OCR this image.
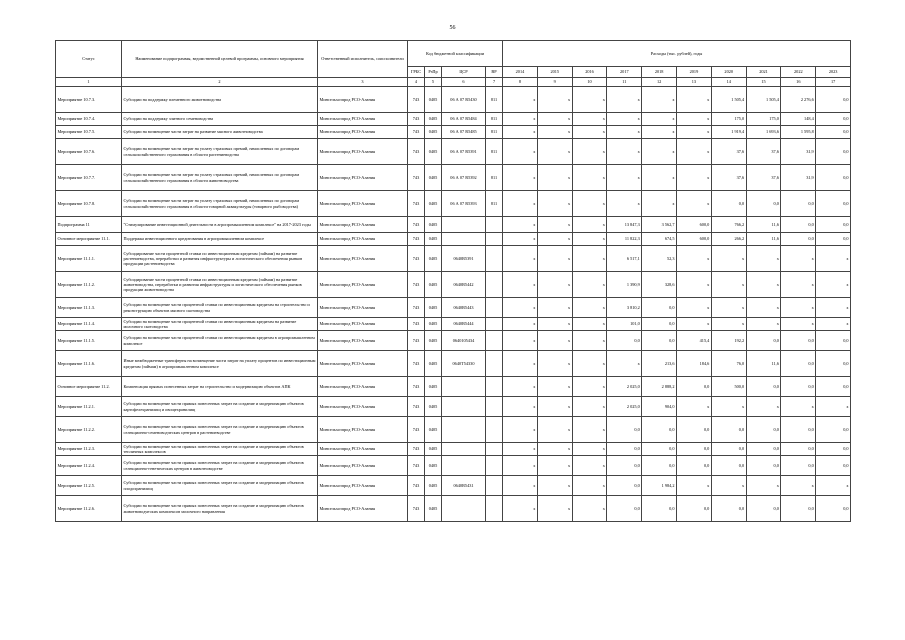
56
Статус	Наименование подпрограммы, ведомственной целевой программы, основного мероприятия	Ответственный исполнитель, соисполнители	Код бюджетной классификации				Расходы (тыс. рублей), годы									
			ГРБС	РзПр	ЦСР	ВР	2014	2015	2016	2017	2018	2019	2020	2021	2022	2023
1	2	3	4	5	6	7	8	9	10	11	12	13	14	15	16	17
Мероприятие 10.7.3.	Субсидии на поддержку племенного животноводства	Минсельхозпрод РСО-Алания	743	0405	06 А 07 R5430	811	х	х	х	х	х	х	1 505,4	1 505,4	2 276,6	0,0
Мероприятие 10.7.4.	Субсидии на поддержку элитного семеноводства	Минсельхозпрод РСО-Алания	743	0405	06 А 07 R5484	811	х	х	х	х	х	х	175,0	175,0	148,4	0,0
Мероприятие 10.7.5.	Субсидии на возмещение части затрат на развитие мясного животноводства	Минсельхозпрод РСО-Алания	743	0405	06 А 07 R5485	811	х	х	х	х	х	х	1 919,4	1 693,6	1 595,8	0,0
Мероприятие 10.7.6.	Субсидии на возмещение части затрат на уплату страховых премий, начисленных по договорам сельскохозяйственного страхования в области растениеводства	Минсельхозпрод РСО-Алания	743	0405	06 А 07 R5391	811	х	х	х	х	х	х	37,6	37,6	31,9	0,0
Мероприятие 10.7.7.	Субсидии на возмещение части затрат на уплату страховых премий, начисленных по договорам сельскохозяйственного страхования в области животноводства	Минсельхозпрод РСО-Алания	743	0405	06 А 07 R5392	811	х	х	х	х	х	х	37,6	37,6	31,9	0,0
Мероприятие 10.7.8.	Субсидии на возмещение части затрат на уплату страховых премий, начисленных по договорам сельскохозяйственного страхования в области товарной аквакультуры (товарного рыбоводства)	Минсельхозпрод РСО-Алания	743	0405	06 А 07 R5393	811	х	х	х	х	х	х	0,0	0,0	0,0	0,0
Подпрограмма 11	"Стимулирование инвестиционной деятельности в агропромышленном комплексе" на 2017-2023 годы	Минсельхозпрод РСО-Алания	743	0405			х	х	х	13 847,3	3 562,7	600,0	766,2	11,6	0,0	0,0
Основное мероприятие 11.1.	Поддержка инвестиционного кредитования в агропромышленном комплексе	Минсельхозпрод РСО-Алания	743	0405			х	х	х	11 822,3	674,5	600,0	266,2	11,6	0,0	0,0
Мероприятие 11.1.1.	Субсидирование части процентной ставки по инвестиционным кредитам (займам) на развитие растениеводства, переработки и развития инфраструктуры и логистического обеспечения рынков продукции растениеводства	Минсельхозпрод РСО-Алания	743	0405	0640R5391		х	х	х	6 517,1	52,3	х	х	х	х	х
Мероприятие 11.1.2.	Субсидирование части процентной ставки по инвестиционным кредитам (займам) на развитие животноводства, переработки и развития инфраструктуры и логистического обеспечения рынков продукции животноводства	Минсельхозпрод РСО-Алания	743	0405	0640R5442		х	х	х	1 390,9	328,6	х	х	х	х	х
Мероприятие 11.1.3.	Субсидии на возмещение части процентной ставки по инвестиционным кредитам на строительство и реконструкцию объектов мясного скотоводства	Минсельхозпрод РСО-Алания	743	0405	0640R5443		х	х	х	3 810,2	0,0	х	х	х	х	х
Мероприятие 11.1.4.	Субсидии на возмещение части процентной ставки по инвестиционным кредитам на развитие молочного скотоводства	Минсельхозпрод РСО-Алания	743	0405	0640R5444		х	х	х	101,0	0,0	х	х	х	х	х
Мероприятие 11.1.5.	Субсидии на возмещение части процентной ставки по инвестиционным кредитам в агропромышленном комплексе	Минсельхозпрод РСО-Алания	743	0405	0640105434		х	х	х	0,0	0,0	415,4	192,2	0,0	0,0	0,0
Мероприятие 11.1.6.	Иные межбюджетные трансферты на возмещение части затрат на уплату процентов по инвестиционным кредитам (займам) в агропромышленном комплексе	Минсельхозпрод РСО-Алания	743	0405	0640Т54330		х	х	х	х	213,6	184,6	76,0	11,6	0,0	0,0
Основное мероприятие 11.2.	Компенсация прямых понесенных затрат на строительство и модернизацию объектов АПК	Минсельхозпрод РСО-Алания	743	0405			х	х	х	2 025,0	2 888,2	0,0	500,0	0,0	0,0	0,0
Мероприятие 11.2.1.	Субсидии на возмещение части прямых понесенных затрат на создание и модернизацию объектов картофелехранилищ и овощехранилищ	Минсельхозпрод РСО-Алания	743	0405			х	х	х	2 025,0	904,0	х	х	х	х	х
Мероприятие 11.2.2.	Субсидии на возмещение части прямых понесенных затрат на создание и модернизацию объектов селекционно-семеноводческих центров в растениеводстве	Минсельхозпрод РСО-Алания	743	0405			х	х	х	0,0	0,0	0,0	0,0	0,0	0,0	0,0
Мероприятие 11.2.3.	Субсидии на возмещение части прямых понесенных затрат на создание и модернизацию объектов тепличных комплексов	Минсельхозпрод РСО-Алания	743	0405			х	х	х	0,0	0,0	0,0	0,0	0,0	0,0	0,0
Мероприятие 11.2.4.	Субсидии на возмещение части прямых понесенных затрат на создание и модернизацию объектов селекционно-генетических центров в животноводстве	Минсельхозпрод РСО-Алания	743	0405			х	х	х	0,0	0,0	0,0	0,0	0,0	0,0	0,0
Мероприятие 11.2.5.	Субсидии на возмещение части прямых понесенных затрат на создание и модернизацию объектов плодохранилищ	Минсельхозпрод РСО-Алания	743	0405	0640R5431		х	х	х	0,0	1 984,2	х	х	х	х	х
Мероприятие 11.2.6.	Субсидии на возмещение части прямых понесенных затрат на создание и модернизацию объектов животноводческих комплексов молочного направления	Минсельхозпрод РСО-Алания	743	0405			х	х	х	0,0	0,0	0,0	0,0	0,0	0,0	0,0
